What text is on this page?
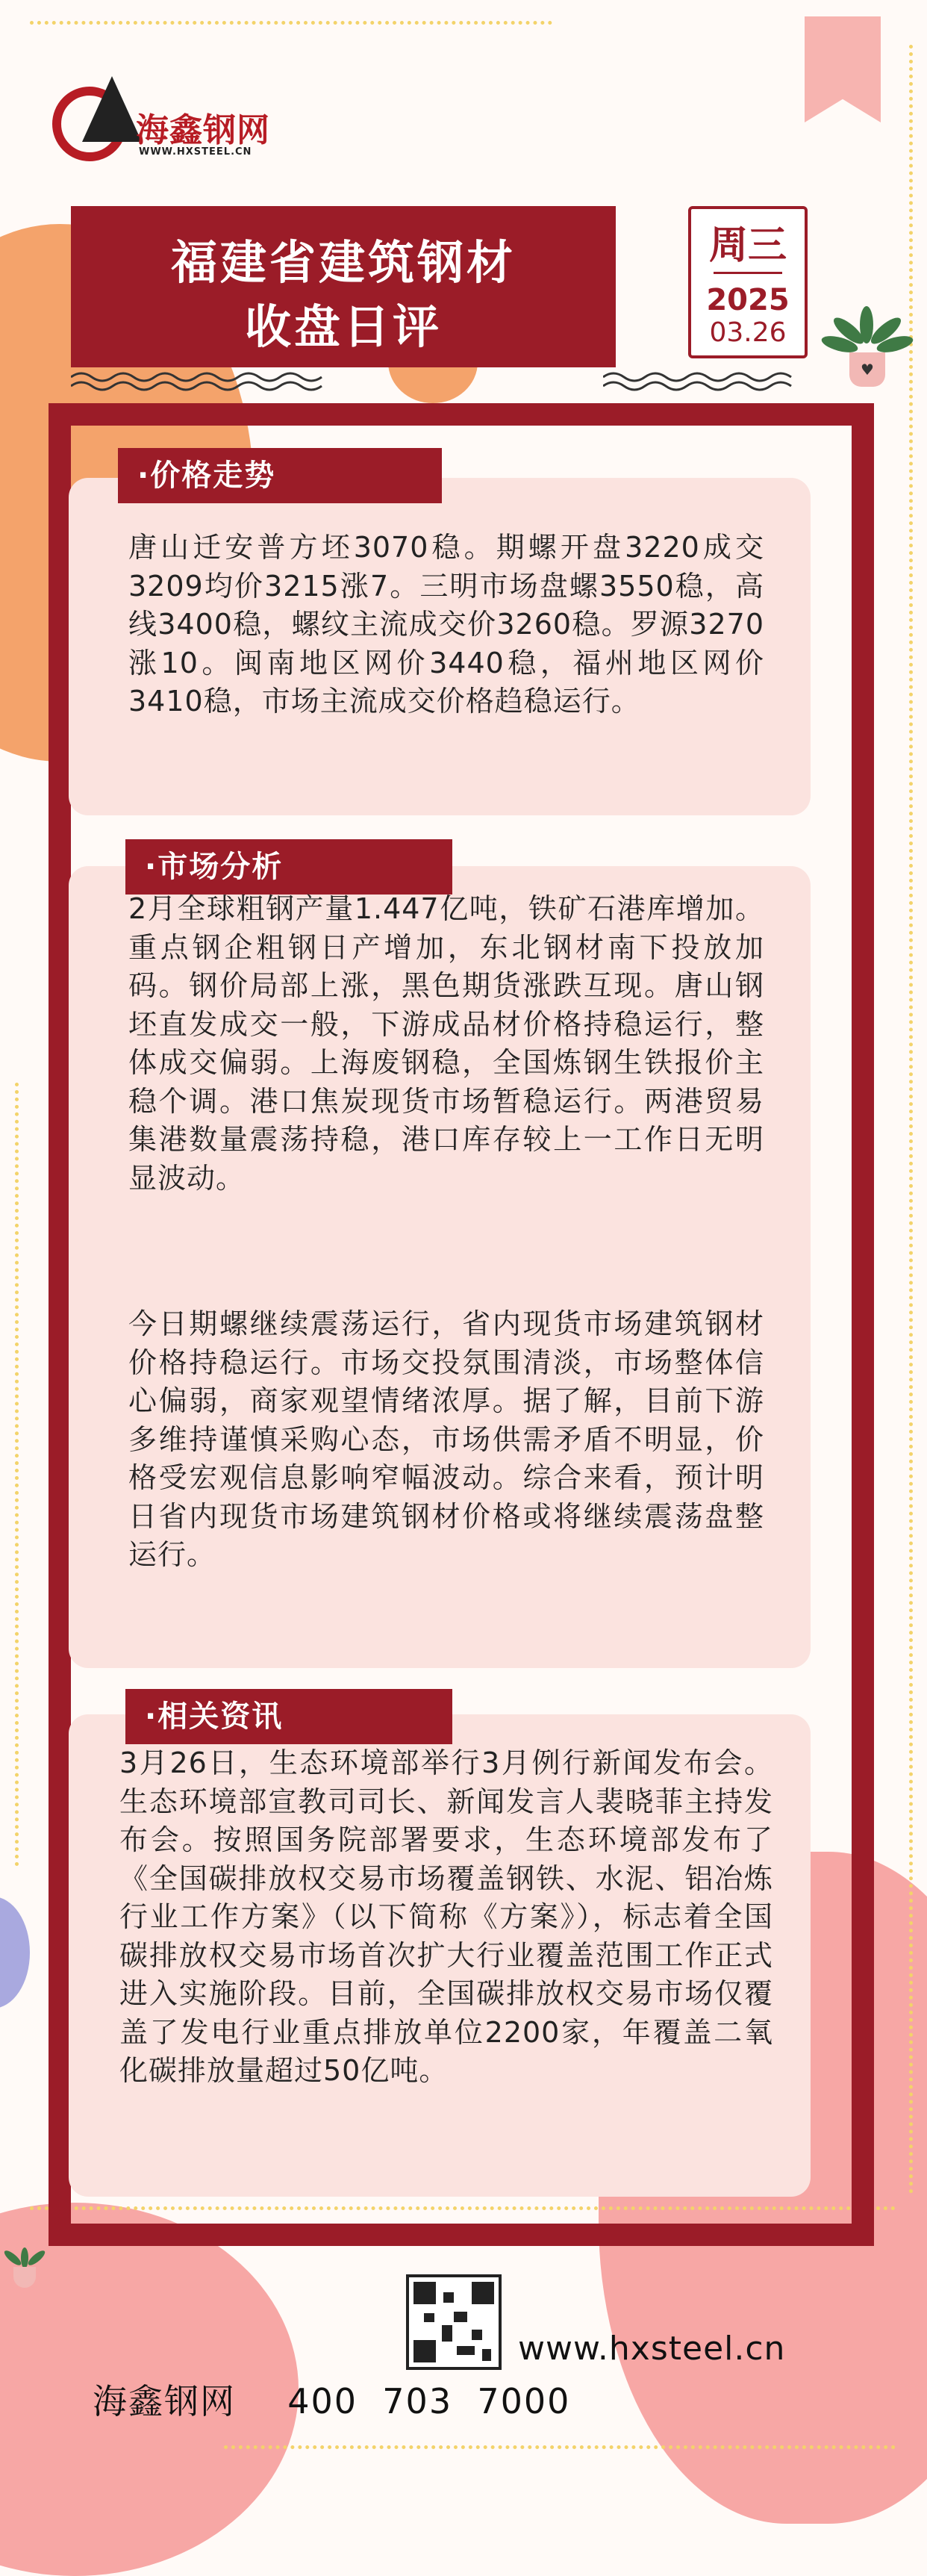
海鑫钢网
WWW.HXSTEEL.CN
福建省建筑钢材
收盘日评
周三
2025
03.26
♥
·价格走势

唐山迁安普方坯3070稳。期螺开盘3220成交3209均价3215涨7。三明市场盘螺3550稳，高线3400稳，螺纹主流成交价3260稳。罗源3270涨10。闽南地区网价3440稳，福州地区网价3410稳，市场主流成交价格趋稳运行。

·市场分析

2月全球粗钢产量1.447亿吨，铁矿石港库增加。重点钢企粗钢日产增加，东北钢材南下投放加码。钢价局部上涨，黑色期货涨跌互现。唐山钢坯直发成交一般，下游成品材价格持稳运行，整体成交偏弱。上海废钢稳，全国炼钢生铁报价主稳个调。港口焦炭现货市场暂稳运行。两港贸易集港数量震荡持稳，港口库存较上一工作日无明显波动。

今日期螺继续震荡运行，省内现货市场建筑钢材价格持稳运行。市场交投氛围清淡，市场整体信心偏弱，商家观望情绪浓厚。据了解，目前下游多维持谨慎采购心态，市场供需矛盾不明显，价格受宏观信息影响窄幅波动。综合来看，预计明日省内现货市场建筑钢材价格或将继续震荡盘整运行。

·相关资讯

3月26日，生态环境部举行3月例行新闻发布会。生态环境部宣教司司长、新闻发言人裴晓菲主持发布会。按照国务院部署要求，生态环境部发布了《全国碳排放权交易市场覆盖钢铁、水泥、铝冶炼行业工作方案》（以下简称《方案》），标志着全国碳排放权交易市场首次扩大行业覆盖范围工作正式进入实施阶段。目前，全国碳排放权交易市场仅覆盖了发电行业重点排放单位2200家，年覆盖二氧化碳排放量超过50亿吨。

www.hxsteel.cn
海鑫钢网 400  703  7000
